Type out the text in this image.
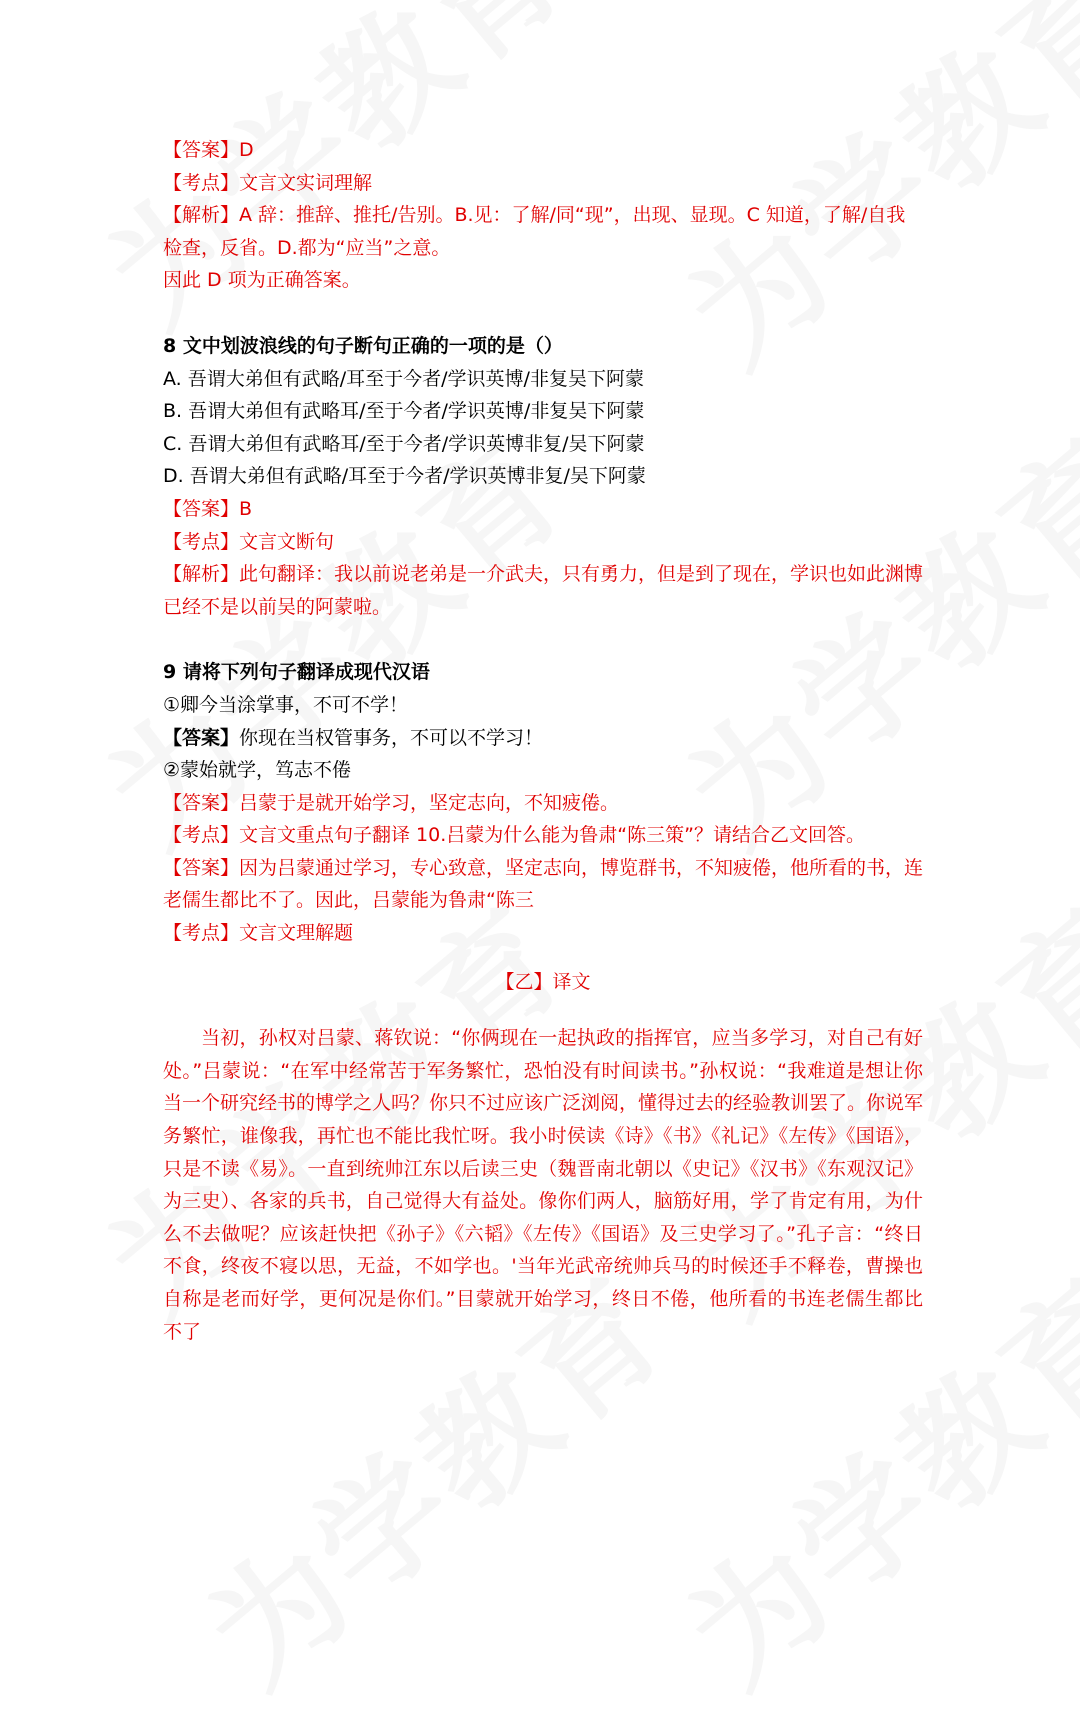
【答案】D

【考点】文言文实词理解

【解析】A 辞：推辞、推托/告别。B.见：了解/同“现”，出现、显现。C 知道，了解/自我

检查，反省。D.都为“应当”之意。

因此 D 项为正确答案。

8 文中划波浪线的句子断句正确的一项的是（）

A. 吾谓大弟但有武略/耳至于今者/学识英博/非复吴下阿蒙

B. 吾谓大弟但有武略耳/至于今者/学识英博/非复吴下阿蒙

C. 吾谓大弟但有武略耳/至于今者/学识英博非复/吴下阿蒙

D. 吾谓大弟但有武略/耳至于今者/学识英博非复/吴下阿蒙

【答案】B

【考点】文言文断句

【解析】此句翻译：我以前说老弟是一介武夫，只有勇力，但是到了现在，学识也如此渊博

已经不是以前吴的阿蒙啦。

9 请将下列句子翻译成现代汉语

①卿今当涂掌事，不可不学！

【答案】你现在当权管事务，不可以不学习！

②蒙始就学，笃志不倦

【答案】吕蒙于是就开始学习，坚定志向，不知疲倦。

【考点】文言文重点句子翻译 10.吕蒙为什么能为鲁肃“陈三策”？请结合乙文回答。

【答案】因为吕蒙通过学习，专心致意，坚定志向，博览群书，不知疲倦，他所看的书，连

老儒生都比不了。因此，吕蒙能为鲁肃“陈三

【考点】文言文理解题

【乙】译文

当初，孙权对吕蒙、蒋钦说：“你俩现在一起执政的指挥官，应当多学习，对自己有好处。”吕蒙说：“在军中经常苦于军务繁忙，恐怕没有时间读书。”孙权说：“我难道是想让你当一个研究经书的博学之人吗？你只不过应该广泛浏阅，懂得过去的经验教训罢了。你说军务繁忙，谁像我，再忙也不能比我忙呀。我小时侯读《诗》《书》《礼记》《左传》《国语》，只是不读《易》。一直到统帅江东以后读三史（魏晋南北朝以《史记》《汉书》《东观汉记》为三史）、各家的兵书，自己觉得大有益处。像你们两人，脑筋好用，学了肯定有用，为什么不去做呢？应该赶快把《孙子》《六韬》《左传》《国语》及三史学习了。”孔子言：“终日不食，终夜不寝以思，无益，不如学也。'当年光武帝统帅兵马的时候还手不释卷，曹操也自称是老而好学，更何况是你们。”目蒙就开始学习，终日不倦，他所看的书连老儒生都比不了
